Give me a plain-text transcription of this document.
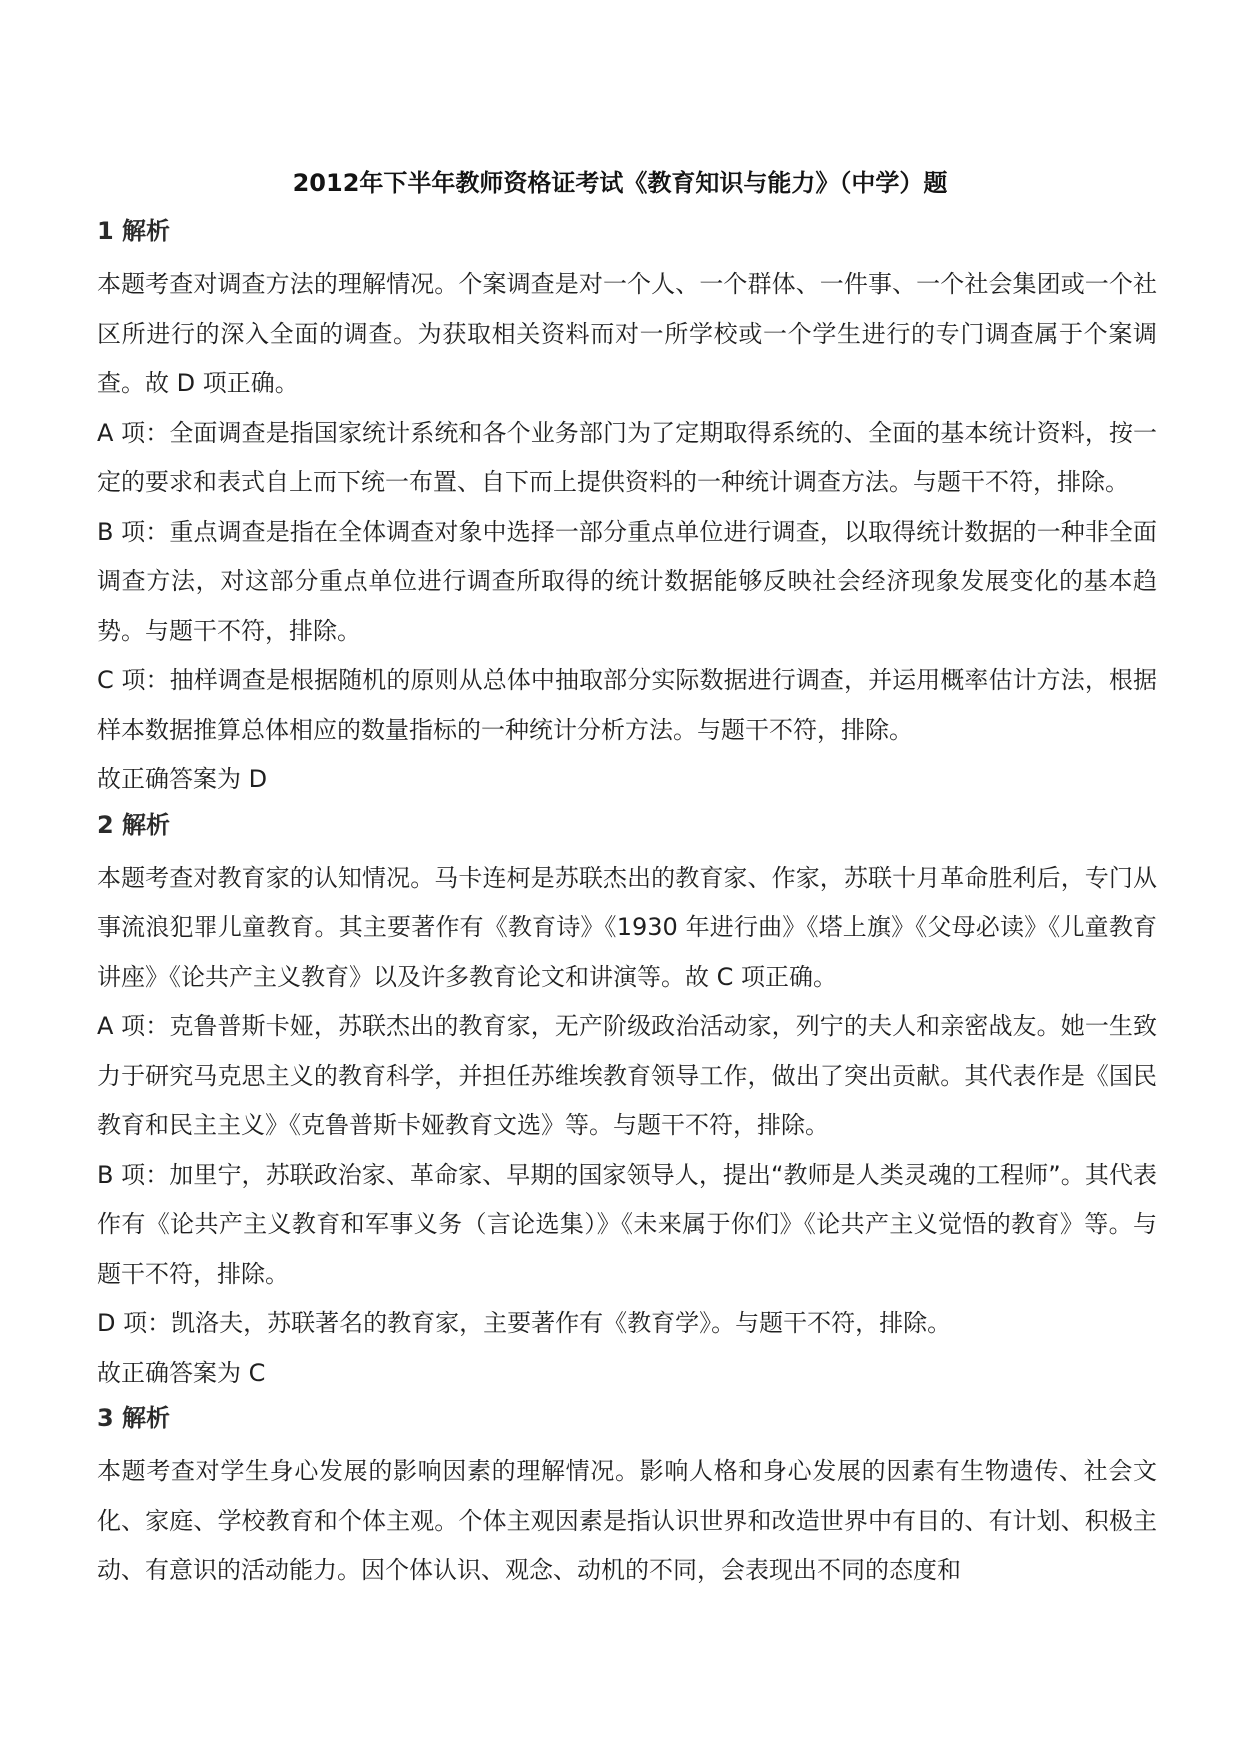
2012年下半年教师资格证考试《教育知识与能力》（中学）题
1 解析

本题考查对调查方法的理解情况。个案调查是对一个人、一个群体、一件事、一个社会集团或一个社区所进行的深入全面的调查。为获取相关资料而对一所学校或一个学生进行的专门调查属于个案调查。故 D 项正确。

A 项：全面调查是指国家统计系统和各个业务部门为了定期取得系统的、全面的基本统计资料，按一定的要求和表式自上而下统一布置、自下而上提供资料的一种统计调查方法。与题干不符，排除。

B 项：重点调查是指在全体调查对象中选择一部分重点单位进行调查，以取得统计数据的一种非全面调查方法，对这部分重点单位进行调查所取得的统计数据能够反映社会经济现象发展变化的基本趋势。与题干不符，排除。

C 项：抽样调查是根据随机的原则从总体中抽取部分实际数据进行调查，并运用概率估计方法，根据样本数据推算总体相应的数量指标的一种统计分析方法。与题干不符，排除。

故正确答案为 D

2 解析

本题考查对教育家的认知情况。马卡连柯是苏联杰出的教育家、作家，苏联十月革命胜利后，专门从事流浪犯罪儿童教育。其主要著作有《教育诗》《1930 年进行曲》《塔上旗》《父母必读》《儿童教育讲座》《论共产主义教育》以及许多教育论文和讲演等。故 C 项正确。

A 项：克鲁普斯卡娅，苏联杰出的教育家，无产阶级政治活动家，列宁的夫人和亲密战友。她一生致力于研究马克思主义的教育科学，并担任苏维埃教育领导工作，做出了突出贡献。其代表作是《国民教育和民主主义》《克鲁普斯卡娅教育文选》等。与题干不符，排除。

B 项：加里宁，苏联政治家、革命家、早期的国家领导人，提出“教师是人类灵魂的工程师”。其代表作有《论共产主义教育和军事义务（言论选集）》《未来属于你们》《论共产主义觉悟的教育》等。与题干不符，排除。

D 项：凯洛夫，苏联著名的教育家，主要著作有《教育学》。与题干不符，排除。

故正确答案为 C

3 解析

本题考查对学生身心发展的影响因素的理解情况。影响人格和身心发展的因素有生物遗传、社会文化、家庭、学校教育和个体主观。个体主观因素是指认识世界和改造世界中有目的、有计划、积极主动、有意识的活动能力。因个体认识、观念、动机的不同，会表现出不同的态度和
